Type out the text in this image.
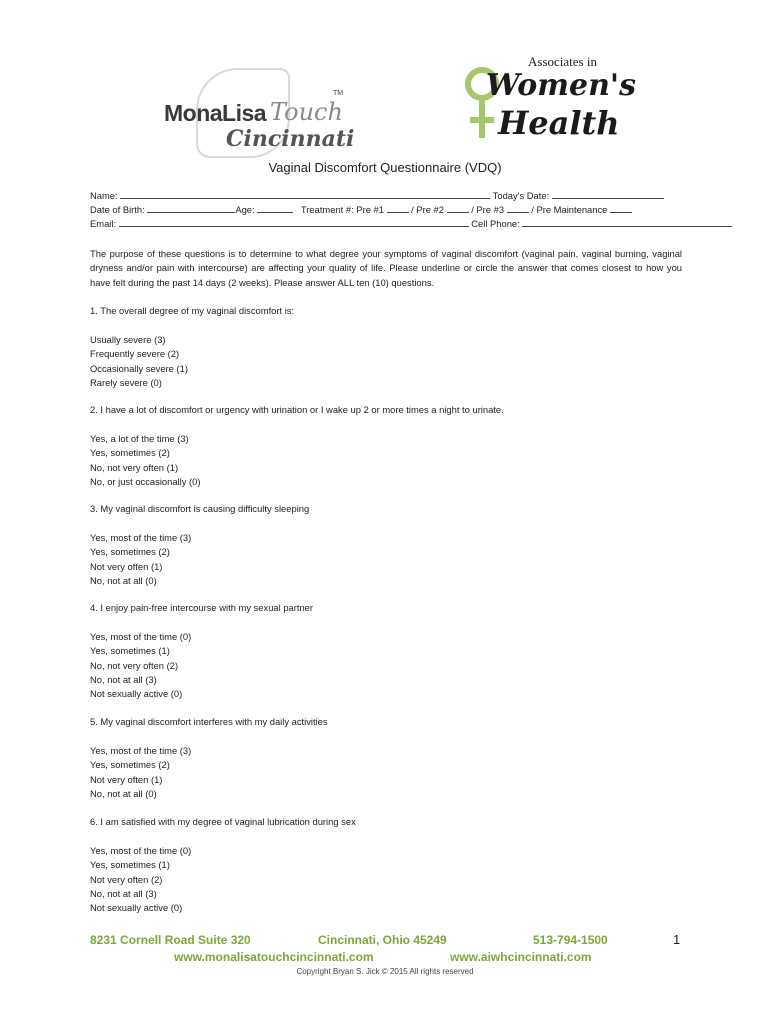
MonaLisa Touch
TM
Cincinnati
Associates in
Women's
Health
Vaginal Discomfort Questionnaire (VDQ)
Name:	Today's Date:
Date of Birth:	Age:	Treatment #: Pre #1	/ Pre #2	/ Pre #3	/ Pre Maintenance
Email:	Cell Phone:
The purpose of these questions is to determine to what degree your symptoms of vaginal discomfort (vaginal pain, vaginal burning, vaginal dryness and/or pain with intercourse) are affecting your quality of life. Please underline or circle the answer that comes closest to how you have felt during the past 14 days (2 weeks). Please answer ALL ten (10) questions.
1. The overall degree of my vaginal discomfort is:
Usually severe (3)
Frequently severe (2)
Occasionally severe (1)
Rarely severe (0)
2. I have a lot of discomfort or urgency with urination or I wake up 2 or more times a night to urinate.
Yes, a lot of the time (3)
Yes, sometimes (2)
No, not very often (1)
No, or just occasionally (0)
3. My vaginal discomfort is causing difficulty sleeping
Yes, most of the time (3)
Yes, sometimes (2)
Not very often (1)
No, not at all (0)
4. I enjoy pain-free intercourse with my sexual partner
Yes, most of the time (0)
Yes, sometimes (1)
No, not very often (2)
No, not at all (3)
Not sexually active (0)
5. My vaginal discomfort interferes with my daily activities
Yes, most of the time (3)
Yes, sometimes (2)
Not very often (1)
No, not at all (0)
6. I am satisfied with my degree of vaginal lubrication during sex
Yes, most of the time (0)
Yes, sometimes (1)
Not very often (2)
No, not at all (3)
Not sexually active (0)
8231 Cornell Road Suite 320	Cincinnati, Ohio 45249	513-794-1500	1
www.monalisatouchcincinnati.com	www.aiwhcincinnati.com
Copyright Bryan S. Jick © 2015 All rights reserved
